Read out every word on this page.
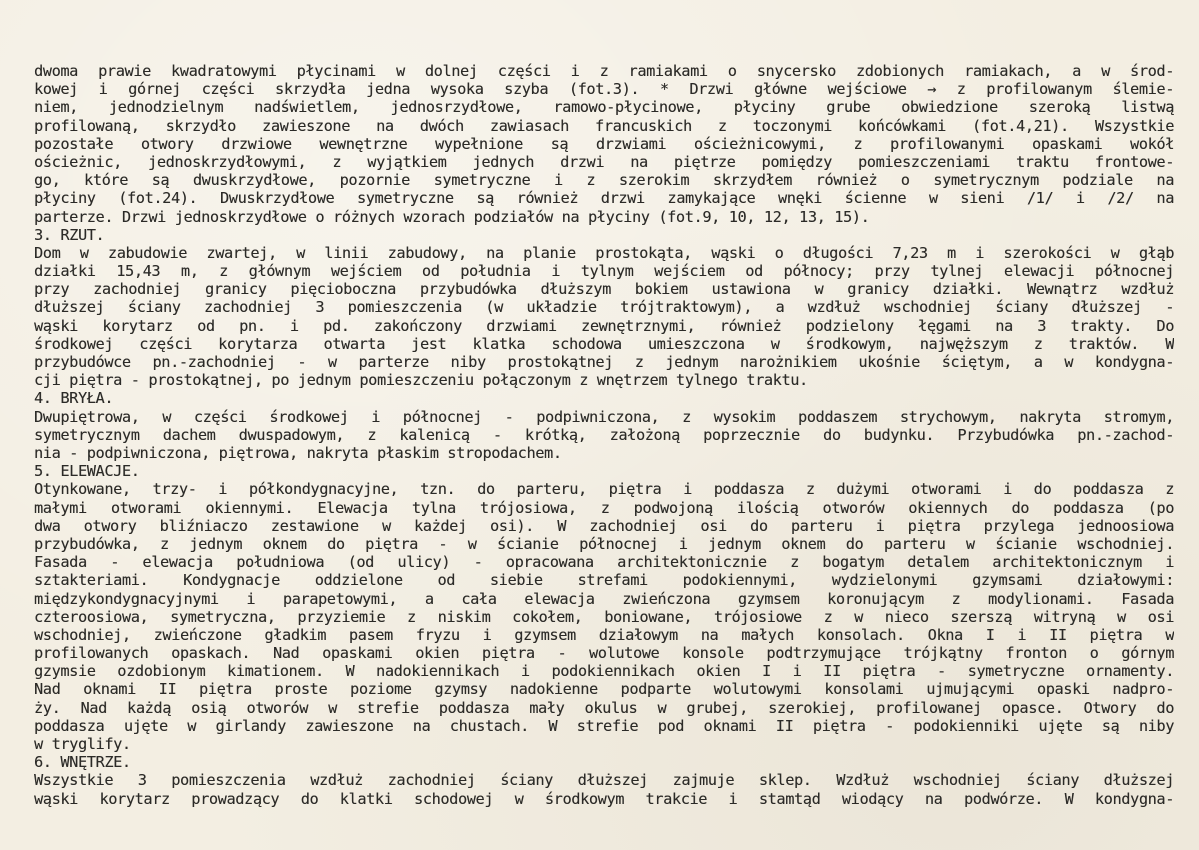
dwoma prawie kwadratowymi płycinami w dolnej części i z ramiakami o snycersko zdobionych ramiakach, a w środ-
kowej i górnej części skrzydła jedna wysoka szyba (fot.3). * Drzwi główne wejściowe → z profilowanym ślemie-
niem, jednodzielnym nadświetlem, jednosrzydłowe, ramowo-płycinowe, płyciny grube obwiedzione szeroką listwą
profilowaną, skrzydło zawieszone na dwóch zawiasach francuskich z toczonymi końcówkami (fot.4,21). Wszystkie
pozostałe otwory drzwiowe wewnętrzne wypełnione są drzwiami ościeżnicowymi, z profilowanymi opaskami wokół
ościeżnic, jednoskrzydłowymi, z wyjątkiem jednych drzwi na piętrze pomiędzy pomieszczeniami traktu frontowe-
go, które są dwuskrzydłowe, pozornie symetryczne i z szerokim skrzydłem również o symetrycznym podziale na
płyciny (fot.24). Dwuskrzydłowe symetryczne są również drzwi zamykające wnęki ścienne w sieni /1/ i /2/ na
parterze. Drzwi jednoskrzydłowe o różnych wzorach podziałów na płyciny (fot.9, 10, 12, 13, 15).
3. RZUT.
Dom w zabudowie zwartej, w linii zabudowy, na planie prostokąta, wąski o długości 7,23 m i szerokości w głąb
działki 15,43 m, z głównym wejściem od południa i tylnym wejściem od północy; przy tylnej elewacji północnej
przy zachodniej granicy pięcioboczna przybudówka dłuższym bokiem ustawiona w granicy działki. Wewnątrz wzdłuż
dłuższej ściany zachodniej 3 pomieszczenia (w układzie trójtraktowym), a wzdłuż wschodniej ściany dłuższej -
wąski korytarz od pn. i pd. zakończony drzwiami zewnętrznymi, również podzielony łęgami na 3 trakty. Do
środkowej części korytarza otwarta jest klatka schodowa umieszczona w środkowym, najwęższym z traktów. W
przybudówce pn.-zachodniej - w parterze niby prostokątnej z jednym narożnikiem ukośnie ściętym, a w kondygna-
cji piętra - prostokątnej, po jednym pomieszczeniu połączonym z wnętrzem tylnego traktu.
4. BRYŁA.
Dwupiętrowa, w części środkowej i północnej - podpiwniczona, z wysokim poddaszem strychowym, nakryta stromym,
symetrycznym dachem dwuspadowym, z kalenicą - krótką, założoną poprzecznie do budynku. Przybudówka pn.-zachod-
nia - podpiwniczona, piętrowa, nakryta płaskim stropodachem.
5. ELEWACJE.
Otynkowane, trzy- i półkondygnacyjne, tzn. do parteru, piętra i poddasza z dużymi otworami i do poddasza z
małymi otworami okiennymi. Elewacja tylna trójosiowa, z podwojoną ilością otworów okiennych do poddasza (po
dwa otwory bliźniaczo zestawione w każdej osi). W zachodniej osi do parteru i piętra przylega jednoosiowa
przybudówka, z jednym oknem do piętra - w ścianie północnej i jednym oknem do parteru w ścianie wschodniej.
Fasada - elewacja południowa (od ulicy) - opracowana architektonicznie z bogatym detalem architektonicznym i
sztakteriami. Kondygnacje oddzielone od siebie strefami podokiennymi, wydzielonymi gzymsami działowymi:
międzykondygnacyjnymi i parapetowymi, a cała elewacja zwieńczona gzymsem koronującym z modylionami. Fasada
czteroosiowa, symetryczna, przyziemie z niskim cokołem, boniowane, trójosiowe z w nieco szerszą witryną w osi
wschodniej, zwieńczone gładkim pasem fryzu i gzymsem działowym na małych konsolach. Okna I i II piętra w
profilowanych opaskach. Nad opaskami okien piętra - wolutowe konsole podtrzymujące trójkątny fronton o górnym
gzymsie ozdobionym kimationem. W nadokiennikach i podokiennikach okien I i II piętra - symetryczne ornamenty.
Nad oknami II piętra proste poziome gzymsy nadokienne podparte wolutowymi konsolami ujmującymi opaski nadpro-
ży. Nad każdą osią otworów w strefie poddasza mały okulus w grubej, szerokiej, profilowanej opasce. Otwory do
poddasza ujęte w girlandy zawieszone na chustach. W strefie pod oknami II piętra - podokienniki ujęte są niby
w tryglify.
6. WNĘTRZE.
Wszystkie 3 pomieszczenia wzdłuż zachodniej ściany dłuższej zajmuje sklep. Wzdłuż wschodniej ściany dłuższej
wąski korytarz prowadzący do klatki schodowej w środkowym trakcie i stamtąd wiodący na podwórze. W kondygna-
